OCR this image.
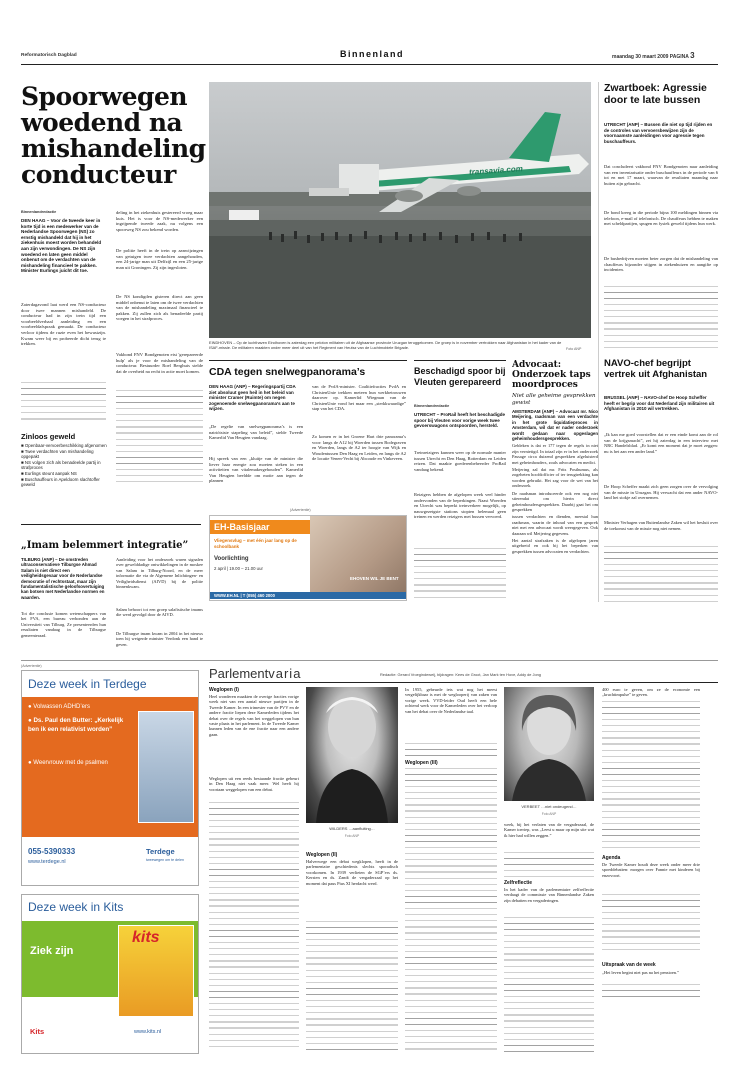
Reformatorisch Dagblad	Binnenland	maandag 30 maart 2009 PAGINA 3
Spoorwegen woedend na mishandeling conducteur
Binnenlandredactie
DEN HAAG – Voor de tweede keer in korte tijd is een medewerker van de Nederlandse Spoorwegen (NS) zo ernstig mishandeld dat hij in het ziekenhuis moest worden behandeld aan zijn verwondingen. De NS zijn woedend en laten geen middel onbenut om de verdachten van de mishandeling financieel te pakken. Minister Eurlings juicht dit toe.
Zaterdagavond laat werd een NS-conducteur door twee mannen mishandeld. De conducteur had in zijn trein tijd een voorbeeldverhaal aanleiding en een voorbeeldafspraak gemaakt. De conducteur verloor tijdens de ruzie even het bewustzijn. Kwam weer bij en probeerde dicht terug te trekken.
deling in het ziekenhuis gestereerd vroeg maar kuis. Het is voor de NS-medewerker een ingrijpende tweede zaak, nu volgens een spoorweg NS zou bekend worden.
De politie heeft in de trein op aanwijzingen van getuigen twee verdachten aangehouden, een 24-jarige man uit Delfzijl en een 25-jarige man uit Groningen. Zij zijn ingesloten.
De NS kondigden gisteren direct aan geen middel onbenut te laten om de twee verdachten van de mishandeling maximaal financieel te pakken. Zij zullen zich als benadeelde partij voegen in het strafproces.
Vakbond FNV Bondgenoten eist 'gerepareerde hulp' als je voor de mishandeling van de conducteur. Bestuurder Roel Berghuis stelde dat de overheid na recht in actie moet komen.
Zinloos geweld
■ Openbaar-vervoerbeschikking afgenomen
■ Twee verdachten van mishandeling opgepakt
■ NS volgen zich als benadeelde partij in strafproces
■ Eurlings steunt aanpak NS
■ Buschauffeurs in Apeldoorn slachtoffer geweld
transavia.com
EINDHOVEN – Op de luchthaven Eindhoven is zaterdag een peloton militairen uit de Afghaanse provincie Uruzgan teruggekomen. De groep is in november vertrokken naar Afghanistan in het kader van de ISAF-missie. De militairen maakten onder meer deel uit van het Regiment van Heutsz van de Luchtmobiele Brigade.	Foto ANP
Zwartboek: Agressie door te late bussen
UTRECHT (ANP) – Bussen die niet op tijd rijden en de controles van vervoersbewijzen zijn de voornaamste aanleidingen voor agressie tegen buschauffeurs.
Dat concludeert vakbond FNV Bondgenoten naar aanleiding van een inventarisatie onder buschauffeurs in de periode van 6 tot en met 17 maart, waarvan de resultaten maandag naar buiten zijn gebracht.
De bond kreeg in die periode bijna 100 meldingen binnen via telefoon, e-mail of telefonisch. De chauffeurs hebben te maken met scheldpartijen, spugen en fysiek geweld tijdens hun werk.
De busbedrijven moeten beter zorgen dat de mishandeling van chauffeurs bijzonder stijgen in ziekenhuizen en aangifte op incidenten.
NAVO-chef begrijpt vertrek uit Afghanistan
BRUSSEL (ANP) – NAVO-chef De Hoop Scheffer heeft er begrip voor dat Nederland zijn militairen uit Afghanistan in 2010 wil vertrekken.
„Ik kan me goed voorstellen dat er een einde komt aan de rol van de krijgsmacht”, zei hij zaterdag in een interview met NRC Handelsblad. „Er komt een moment dat je moet zeggen: nu is het aan een ander land.”
De Hoop Scheffer maakt zich geen zorgen over de vervolging van de missie in Uruzgan. Hij verwacht dat een ander NAVO-land het stokje zal overnemen.
Minister Verhagen van Buitenlandse Zaken wil het besluit over de toekomst van de missie nog niet nemen.
CDA tegen snelwegpanorama’s
DEN HAAG (ANP) – Regeringspartij CDA ziet absoluut geen heil in het beleid van minister Cramer (Ruimte) om negen zogenoemde snelwegpanorama’s aan te wijzen.
„De regelte van snelwegpanorama’s is een natriótsiste stapeling van beleid”, stelde Tweede Kamerlid Van Heugten vandaag.
Hij spreek van een „kluitje van de minister die liever haar energie zou moeten steken in een activiteiten van vitalemakergehouden”. Kamerlid Van Heugten beeldde om motie aan tegen de plannen
van de PvdA-minister. Coalitiefracties PvdA en ChristenUnie trekken meteen hun werkbetrouwen daarover op. Kamerlid Wiegman van de ChristenUnie vond het maar een „sterkkwaardige” stap van het CDA.
Zo komen er in het Groene Hart drie panorama’s voor: langs de A12 bij Woerden tussen Bodegraven en Woerden, langs de A2 ter hoogte van Wijk en Woudentussen Den Haag en Leiden, en langs de A2 de locatie Venen-Vecht bij Abcoude en Vinkeveen.
(Advertentie)
EH-Basisjaar
Vliegensvlug – met één jaar lang op de schoolbank
Voorlichting
2 april | 19.00 – 21.00 uur
WWW.EH.NL | T (055) 460 2000
EHOVEN WIL JE BENT
Beschadigd spoor bij Vleuten gerepareerd
Binnenlandredactie
UTRECHT – ProRail heeft het beschadigde spoor bij Vleuten voor vorige week twee gevoerswagons ontspoorden, hersteld.
Treinreizigers kunnen weer op de normale manier tussen Utrecht en Den Haag, Rotterdam en Leiden reizen. Dat maakte goederenbeheerder ProRail vandaag bekend.
Reizigers hebben de afgelopen week veel hinder ondervonden van de beperkingen. Naast Woerden en Utrecht was beperkt treinverkeer mogelijk, op nauwgezetgste stations stopten helemaal geen treinen en werden reizigers met bussen vervoerd.
„Imam belemmert integratie”
TILBURG (ANP) – De omstreden ultraconservatieve Tilburgse Ahmad Salam is niet direct een veiligheidsgevaar voor de Nederlandse democratie of rechtsstaat, maar zijn fundamentalistische geloofsovertuiging kan botsen met Nederlandse normen en waarden.
Tot die conclusie komen wetenschappers van het FVA, een bureau verbonden aan de Universiteit van Tilburg. Ze presenteerden hun resultaten vandaag in de Tilburgse gemeenteraad.
Aanleiding voor het onderzoek waren signalen over gewelddadige ontwikkelingen in de moskee van Salam in Tilburg-Noord, en de meer informatie die via de Algemene Inlichtingen- en Veiligheidsdienst (AIVD) bij de politie binnenkwam.
Salam behoort tot een groep salafistische imams die werd gevolgd door de AIVD.
De Tilburgse imam kwam in 2004 in het nieuws toen hij weigerde minister Verdonk een hand te geven.
(Advertentie)
Deze week in Terdege
● Volwassen ADHD’ers
● Ds. Paul den Butter: „Kerkelijk ben ik een relativist worden”
● Weervrouw met de psalmen
055-5390333
www.terdege.nl
Terdege
tweewegen om te delen
Deze week in Kits
Ziek zijn
kits
Kits	www.kits.nl
Parlementvaria	Redactie: Gerard Vroegindeweij, bijdragen: Kees de Groot, Jan Mark ten Hove, Addy de Jong
Weglopen (I)
Heel wonderen maakten de overige fracties vorige week niet van een aantal nieuwe partijen in de Tweede Kamer. In een trimester van de PVV en de andere fractie liepen deze Kamerleden tijdens het debat over de regels van het weggelopen van hun vaste plaats in het parlement. In de Tweede Kamer kunnen leden van de ene fractie naar een andere gaan.
Weglopen uit een reeds bestaande fractie gebeurt in Den Haag niet vaak meer. Wel heeft hij voortaan weggelopen van een debat.
WILDERS …aanfluiting…
Foto ANP
Weglopen (II)
Halverwege een debat wegklopen, heeft in de parlementaire geschiedenis slechts sporadisch voorkomen. In 1939 verlieten de SGP’ers ds. Kersten en ds. Zandt de vergaderzaal op het moment dat paus Pius XI herdacht werd.
In 1955, gebeurde iets wat nog het meest vergelijkbaar is met de weglooperij van zaken van vorige week. VVD-leider Oud heeft een hele ochtend werk voor de Kamerleden over het verloop van het debat over de Nederlandse taal.
Weglopen (III)
VERBEET …niet ondeugend…
Foto ANP
week, bij het verlaten van de vergaderzaal, de Kamer toeriep, was „Leest u maar op mijn site wat ik hier had willen zeggen.”
Zelfreflectie
In het kader van de parlementaire zelfreflectie verdaagt de commissie van Binnenlandse Zaken zijn debatten en vergaderingen.
400 euro te geven, om ze de economie een „kruchtimpulse” te geven.
Agenda
De Tweede Kamer houdt deze week onder meer drie spoeddebatten: morgen over Fannie met kinderen bij enzovoort.
Uitspraak van de week
„Het leven begint niet pas na het pensioen.”
Advocaat: Onderzoek taps moordproces
Niet alle geheime gesprekken gewist
AMSTERDAM (ANP) – Advocaat mr. Nico Meijering, raadsman van een verdachte in het grote liquidatieproces in Amsterdam, wil dat er nader onderzoek wordt gedaan naar opgeslagen geheimhoudersgesprekken.
Gebleken is dat er 177 tegen de regels in niet zijn vernietigd. In totaal zijn er in het onderzoek Passage circa duizend gesprekken afgeluisterd met geheimhouders, zoals advocaten en medici.
Meijering zal dat mr. Frits Posthumus, als zogeheten hoofdofficier of ter terugtrekking kan worden gebruikt. Het zag voor de wet van het onderzoek.
De raadsman introduceerde ook een nog niet stierendat om hierin direct geheimhoudersgesprekken. Daarbij gaat het om gesprekken
tussen verdachten en dienden, meestal hun raadsman, waarin de inhoud van een gesprek niet met een advocaat wordt weergegeven. Ook daaraan wil Meijering gegevens.
Het aantal strafzaken is de afgelopen jaren uitgebreid en ook bij het beperken van gesprekken tussen advocaten en verdachten.
